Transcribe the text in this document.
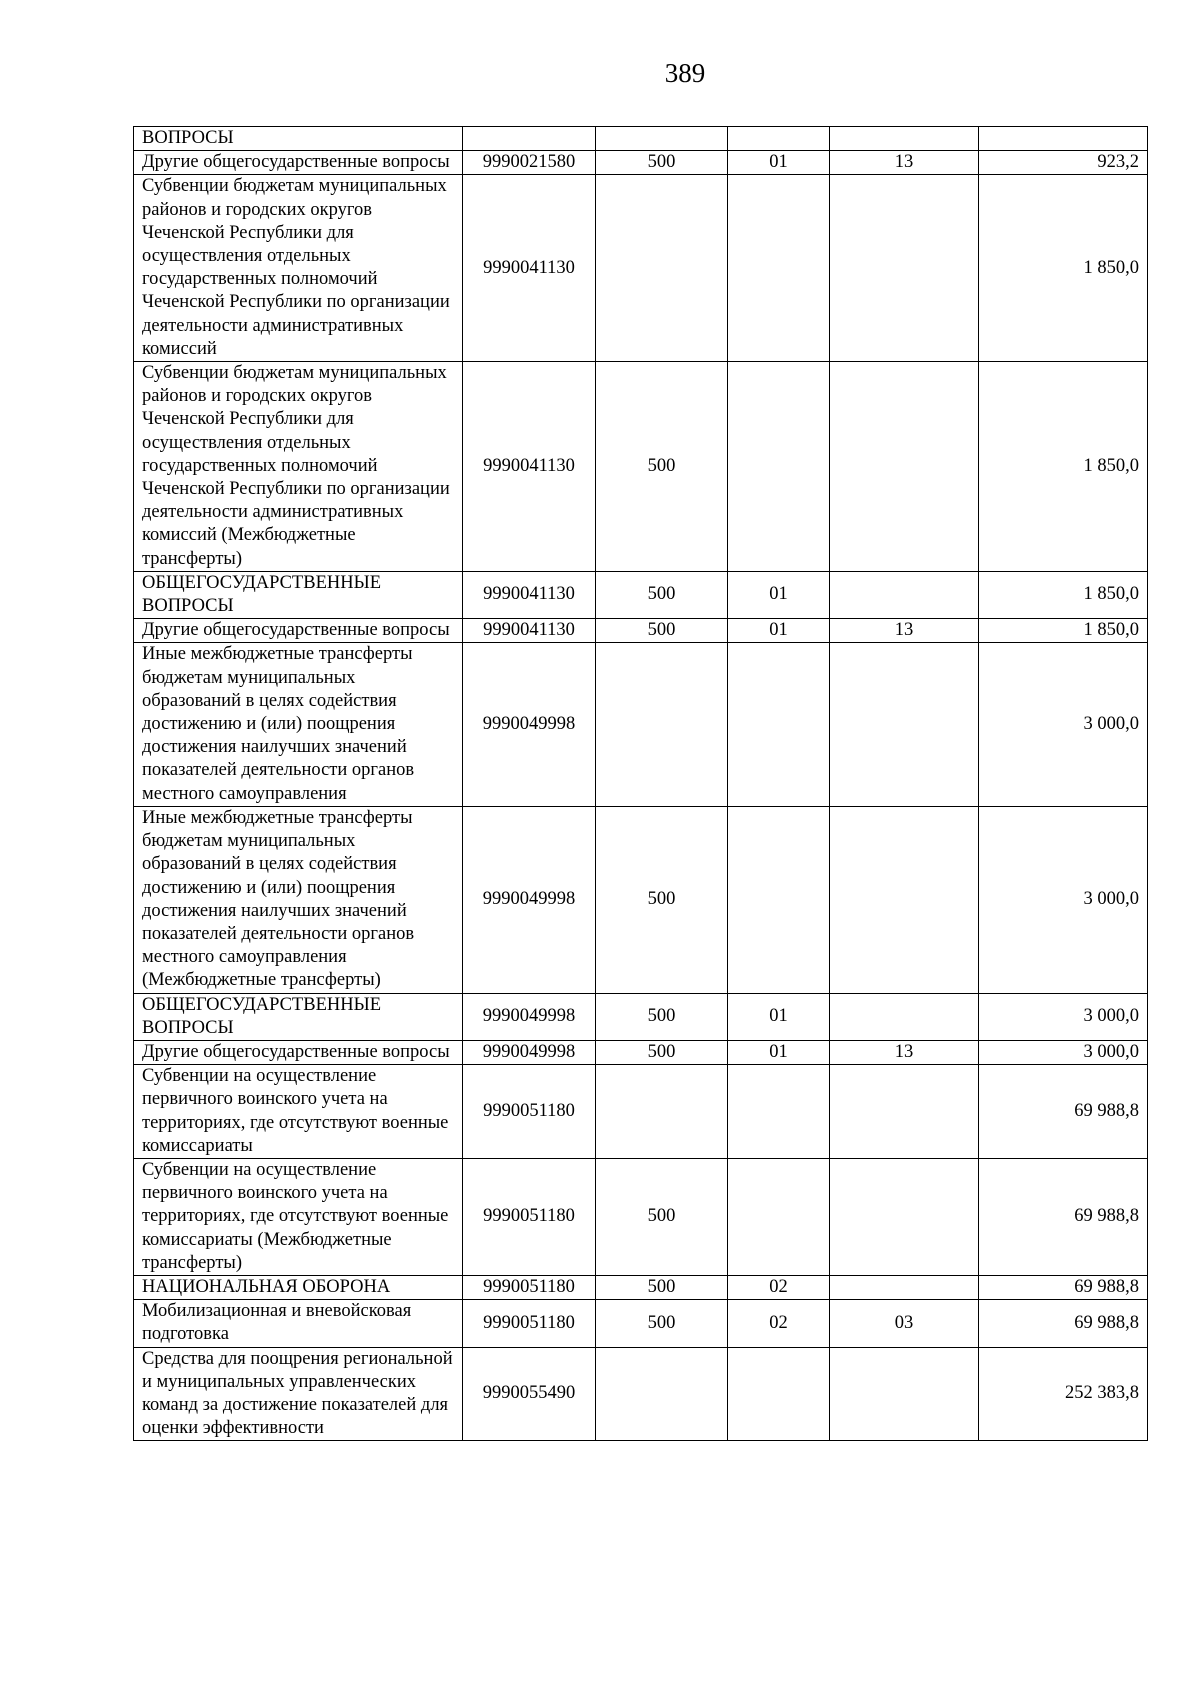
389
ВОПРОСЫ					
Другие общегосударственные вопросы	9990021580	500	01	13	923,2
Субвенции бюджетам муниципальных районов и городских округов Чеченской Республики для осуществления отдельных государственных полномочий Чеченской Республики по организации деятельности административных комиссий	9990041130				1 850,0
Субвенции бюджетам муниципальных районов и городских округов Чеченской Республики для осуществления отдельных государственных полномочий Чеченской Республики по организации деятельности административных комиссий (Межбюджетные трансферты)	9990041130	500			1 850,0
ОБЩЕГОСУДАРСТВЕННЫЕ ВОПРОСЫ	9990041130	500	01		1 850,0
Другие общегосударственные вопросы	9990041130	500	01	13	1 850,0
Иные межбюджетные трансферты бюджетам муниципальных образований в целях содействия достижению и (или) поощрения достижения наилучших значений показателей деятельности органов местного самоуправления	9990049998				3 000,0
Иные межбюджетные трансферты бюджетам муниципальных образований в целях содействия достижению и (или) поощрения достижения наилучших значений показателей деятельности органов местного самоуправления (Межбюджетные трансферты)	9990049998	500			3 000,0
ОБЩЕГОСУДАРСТВЕННЫЕ ВОПРОСЫ	9990049998	500	01		3 000,0
Другие общегосударственные вопросы	9990049998	500	01	13	3 000,0
Субвенции на осуществление первичного воинского учета на территориях, где отсутствуют военные комиссариаты	9990051180				69 988,8
Субвенции на осуществление первичного воинского учета на территориях, где отсутствуют военные комиссариаты (Межбюджетные трансферты)	9990051180	500			69 988,8
НАЦИОНАЛЬНАЯ ОБОРОНА	9990051180	500	02		69 988,8
Мобилизационная и вневойсковая подготовка	9990051180	500	02	03	69 988,8
Средства для поощрения региональной и муниципальных управленческих команд за достижение показателей для оценки эффективности	9990055490				252 383,8
